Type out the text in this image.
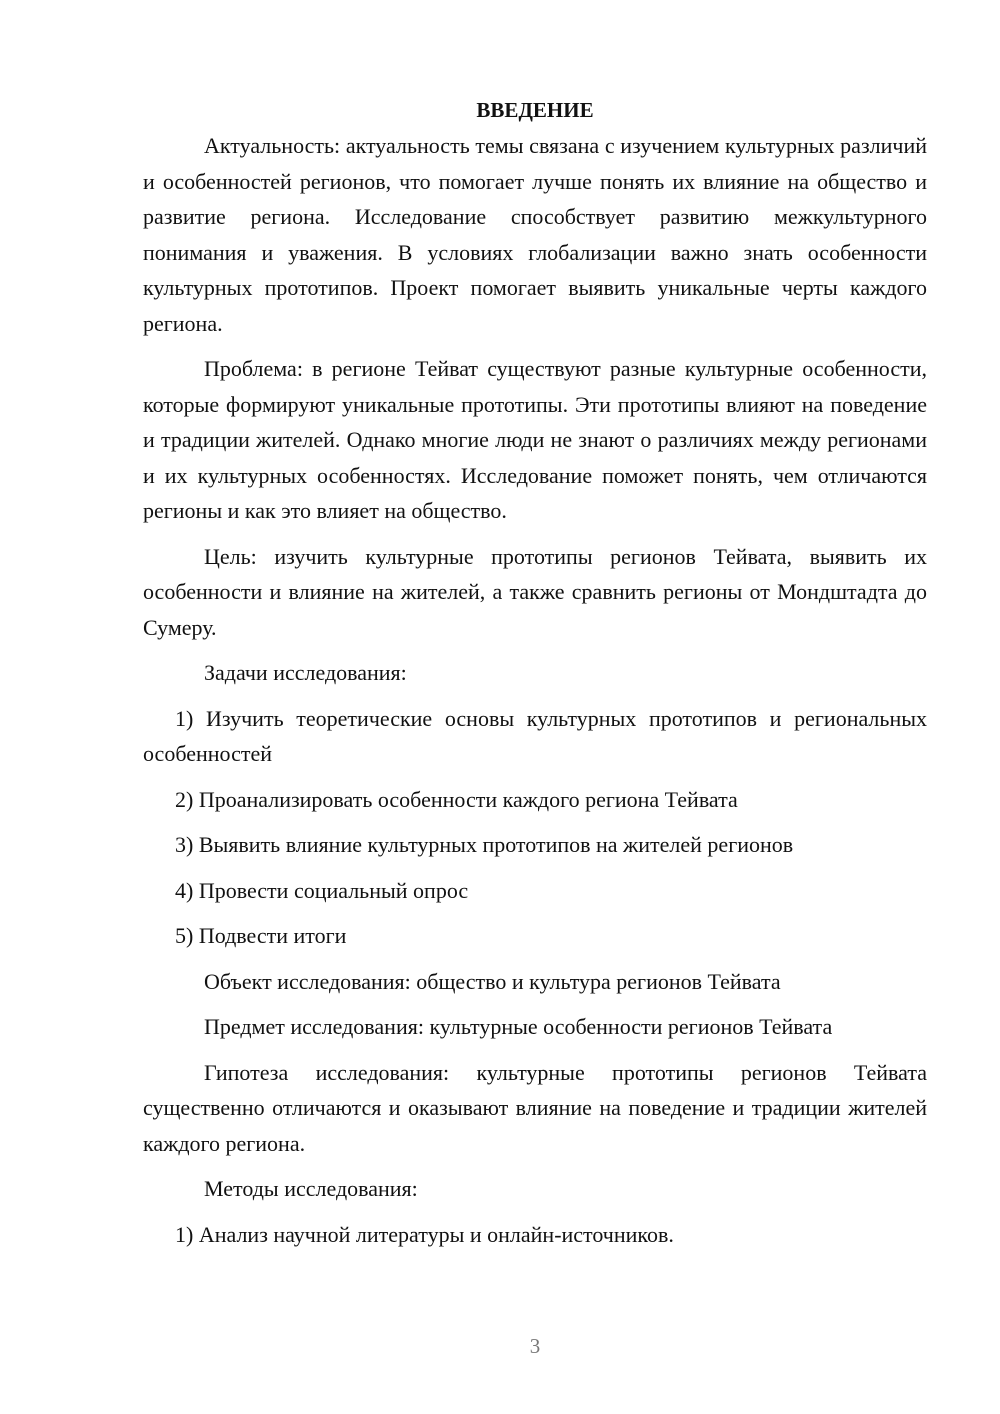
ВВЕДЕНИЕ

Актуальность: актуальность темы связана с изучением культурных различий и особенностей регионов, что помогает лучше понять их влияние на общество и развитие региона. Исследование способствует развитию межкультурного понимания и уважения. В условиях глобализации важно знать особенности культурных прототипов. Проект помогает выявить уникальные черты каждого региона.

Проблема: в регионе Тейват существуют разные культурные особенности, которые формируют уникальные прототипы. Эти прототипы влияют на поведение и традиции жителей. Однако многие люди не знают о различиях между регионами и их культурных особенностях. Исследование поможет понять, чем отличаются регионы и как это влияет на общество.

Цель: изучить культурные прототипы регионов Тейвата, выявить их особенности и влияние на жителей, а также сравнить регионы от Мондштадта до Сумеру.

Задачи исследования:

1) Изучить теоретические основы культурных прототипов и региональных особенностей

2) Проанализировать особенности каждого региона Тейвата

3) Выявить влияние культурных прототипов на жителей регионов

4) Провести социальный опрос

5) Подвести итоги

Объект исследования: общество и культура регионов Тейвата

Предмет исследования: культурные особенности регионов Тейвата

Гипотеза исследования: культурные прототипы регионов Тейвата существенно отличаются и оказывают влияние на поведение и традиции жителей каждого региона.

Методы исследования:

1) Анализ научной литературы и онлайн-источников.

3
